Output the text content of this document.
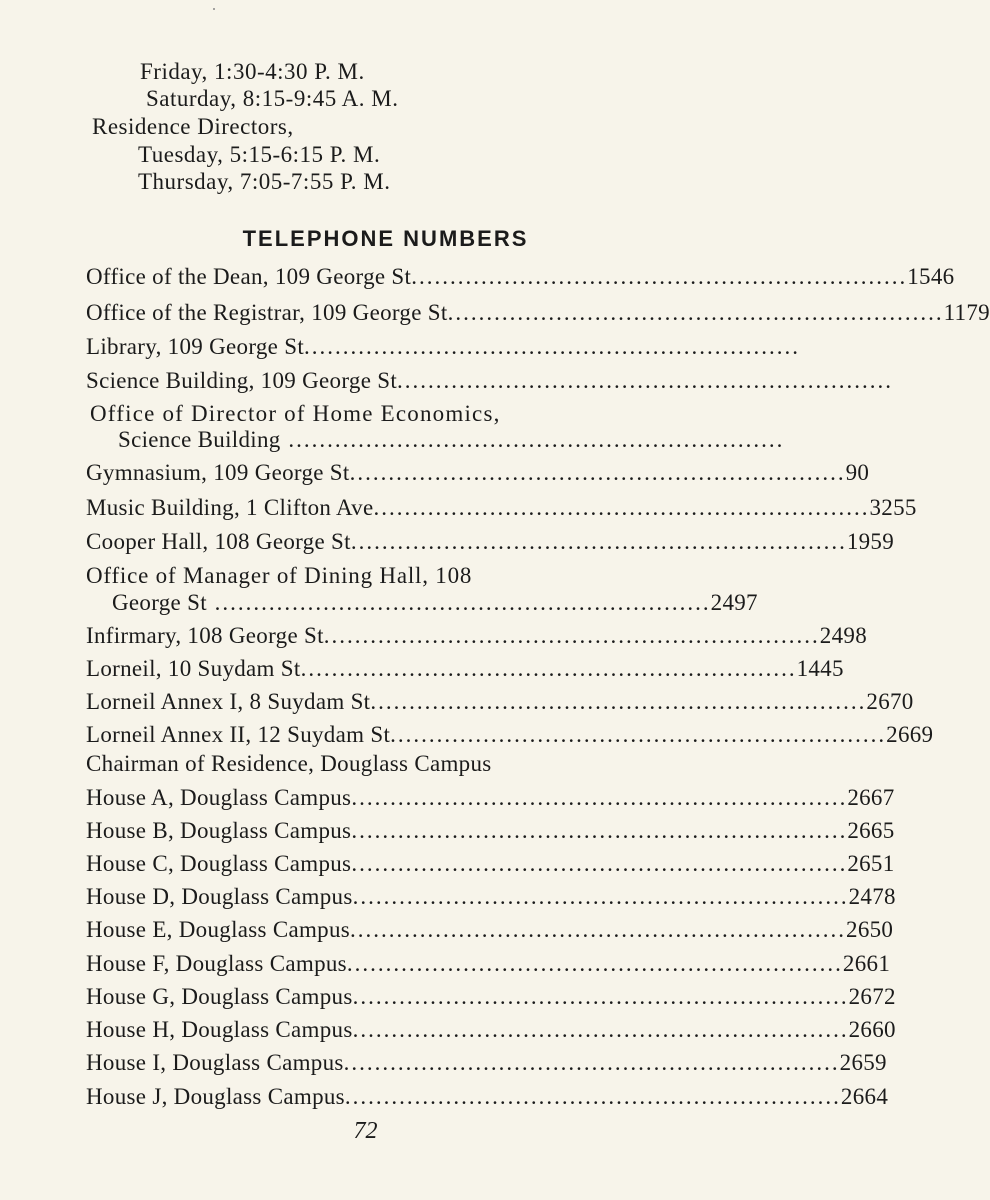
Friday, 1:30-4:30 P. M.
Saturday, 8:15-9:45 A. M.
Residence Directors,
Tuesday, 5:15-6:15 P. M.
Thursday, 7:05-7:55 P. M.
TELEPHONE NUMBERS
Office of the Dean, 109 George St ................................................................ 1546
Office of the Registrar, 109 George St ................................................................ 1179
Library, 109 George St ................................................................
Science Building, 109 George St ................................................................
Office of Director of Home Economics,
Science Building ................................................................
Gymnasium, 109 George St ................................................................ 90
Music Building, 1 Clifton Ave ................................................................ 3255
Cooper Hall, 108 George St ................................................................ 1959
Office of Manager of Dining Hall, 108
George St ................................................................ 2497
Infirmary, 108 George St ................................................................ 2498
Lorneil, 10 Suydam St ................................................................ 1445
Lorneil Annex I, 8 Suydam St ................................................................ 2670
Lorneil Annex II, 12 Suydam St ................................................................ 2669
Chairman of Residence, Douglass Campus
House A, Douglass Campus ................................................................ 2667
House B, Douglass Campus ................................................................ 2665
House C, Douglass Campus ................................................................ 2651
House D, Douglass Campus ................................................................ 2478
House E, Douglass Campus ................................................................ 2650
House F, Douglass Campus ................................................................ 2661
House G, Douglass Campus ................................................................ 2672
House H, Douglass Campus ................................................................ 2660
House I, Douglass Campus ................................................................ 2659
House J, Douglass Campus ................................................................ 2664
72
